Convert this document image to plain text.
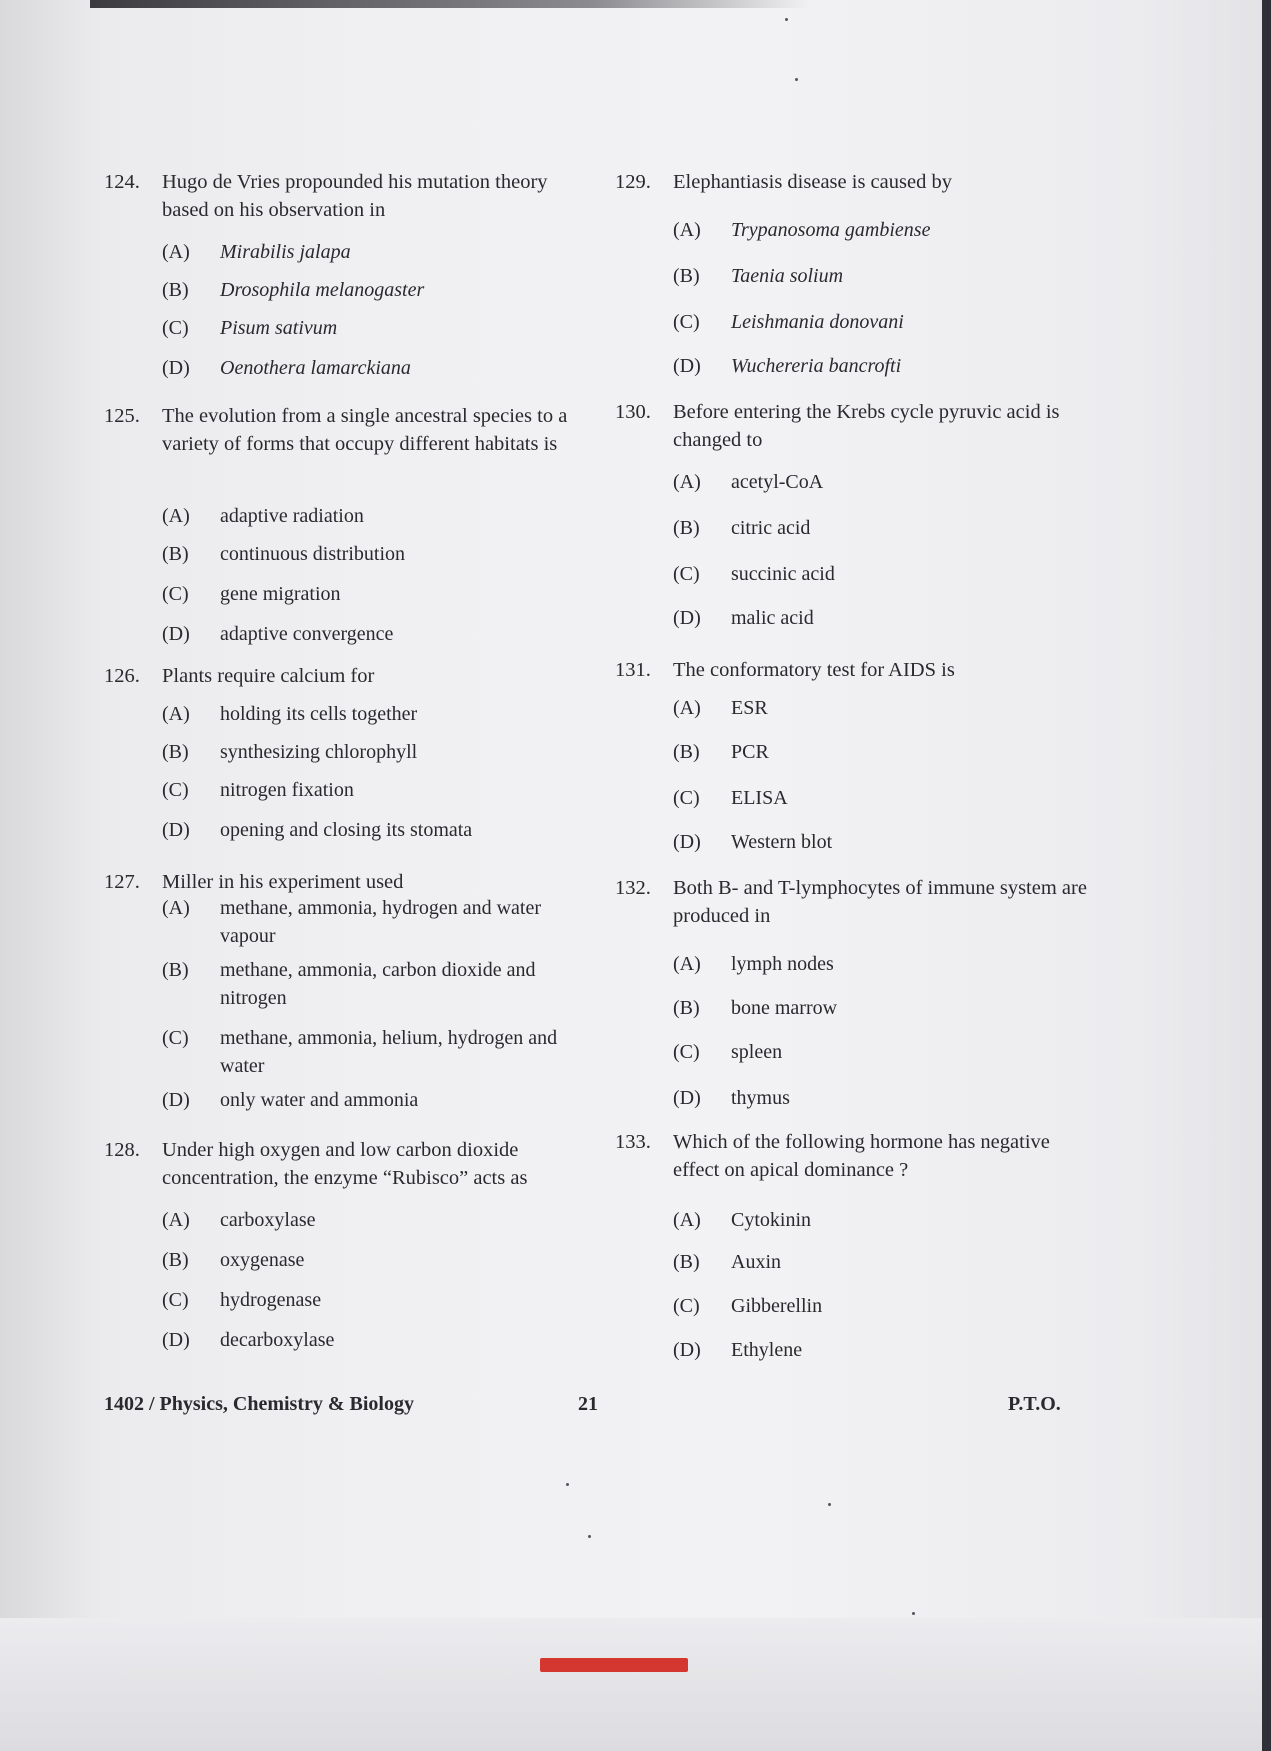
124. Hugo de Vries propounded his mutation theory based on his observation in
(A) Mirabilis jalapa
(B) Drosophila melanogaster
(C) Pisum sativum
(D) Oenothera lamarckiana
125. The evolution from a single ancestral species to a variety of forms that occupy different habitats is
(A) adaptive radiation
(B) continuous distribution
(C) gene migration
(D) adaptive convergence
126. Plants require calcium for
(A) holding its cells together
(B) synthesizing chlorophyll
(C) nitrogen fixation
(D) opening and closing its stomata
127. Miller in his experiment used
(A) methane, ammonia, hydrogen and water vapour
(B) methane, ammonia, carbon dioxide and nitrogen
(C) methane, ammonia, helium, hydrogen and water
(D) only water and ammonia
128. Under high oxygen and low carbon dioxide concentration, the enzyme “Rubisco” acts as
(A) carboxylase
(B) oxygenase
(C) hydrogenase
(D) decarboxylase
129. Elephantiasis disease is caused by
(A) Trypanosoma gambiense
(B) Taenia solium
(C) Leishmania donovani
(D) Wuchereria bancrofti
130. Before entering the Krebs cycle pyruvic acid is changed to
(A) acetyl-CoA
(B) citric acid
(C) succinic acid
(D) malic acid
131. The conformatory test for AIDS is
(A) ESR
(B) PCR
(C) ELISA
(D) Western blot
132. Both B- and T-lymphocytes of immune system are produced in
(A) lymph nodes
(B) bone marrow
(C) spleen
(D) thymus
133. Which of the following hormone has negative effect on apical dominance ?
(A) Cytokinin
(B) Auxin
(C) Gibberellin
(D) Ethylene
1402 / Physics, Chemistry & Biology	21	P.T.O.
